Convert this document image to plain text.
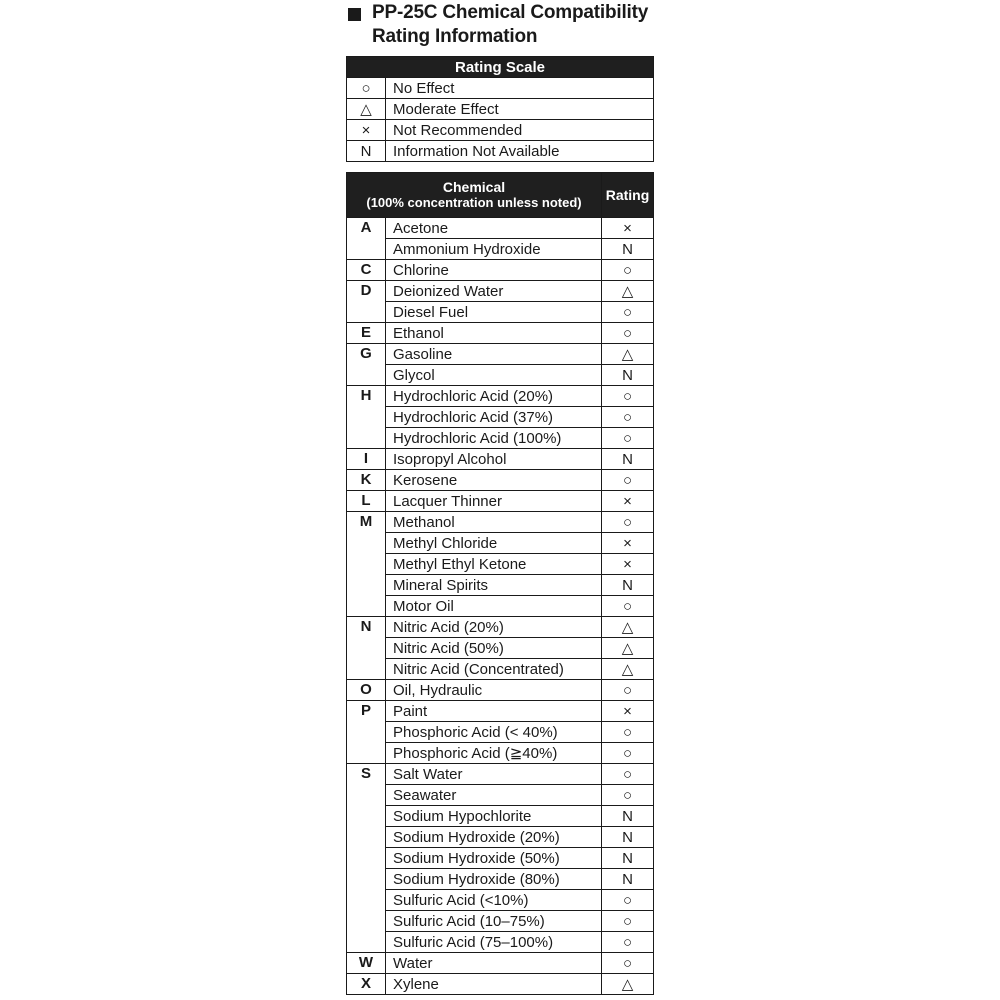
PP-25C Chemical Compatibility
Rating Information
Rating Scale	
○	No Effect
△	Moderate Effect
×	Not Recommended
N	Information Not Available
Chemical
(100% concentration unless noted)		Rating
A	Acetone	×
	Ammonium Hydroxide	N
C	Chlorine	○
D	Deionized Water	△
	Diesel Fuel	○
E	Ethanol	○
G	Gasoline	△
	Glycol	N
H	Hydrochloric Acid (20%)	○
	Hydrochloric Acid (37%)	○
	Hydrochloric Acid (100%)	○
I	Isopropyl Alcohol	N
K	Kerosene	○
L	Lacquer Thinner	×
M	Methanol	○
	Methyl Chloride	×
	Methyl Ethyl Ketone	×
	Mineral Spirits	N
	Motor Oil	○
N	Nitric Acid (20%)	△
	Nitric Acid (50%)	△
	Nitric Acid (Concentrated)	△
O	Oil, Hydraulic	○
P	Paint	×
	Phosphoric Acid (< 40%)	○
	Phosphoric Acid (≧40%)	○
S	Salt Water	○
	Seawater	○
	Sodium Hypochlorite	N
	Sodium Hydroxide (20%)	N
	Sodium Hydroxide (50%)	N
	Sodium Hydroxide (80%)	N
	Sulfuric Acid (<10%)	○
	Sulfuric Acid (10–75%)	○
	Sulfuric Acid (75–100%)	○
W	Water	○
X	Xylene	△
